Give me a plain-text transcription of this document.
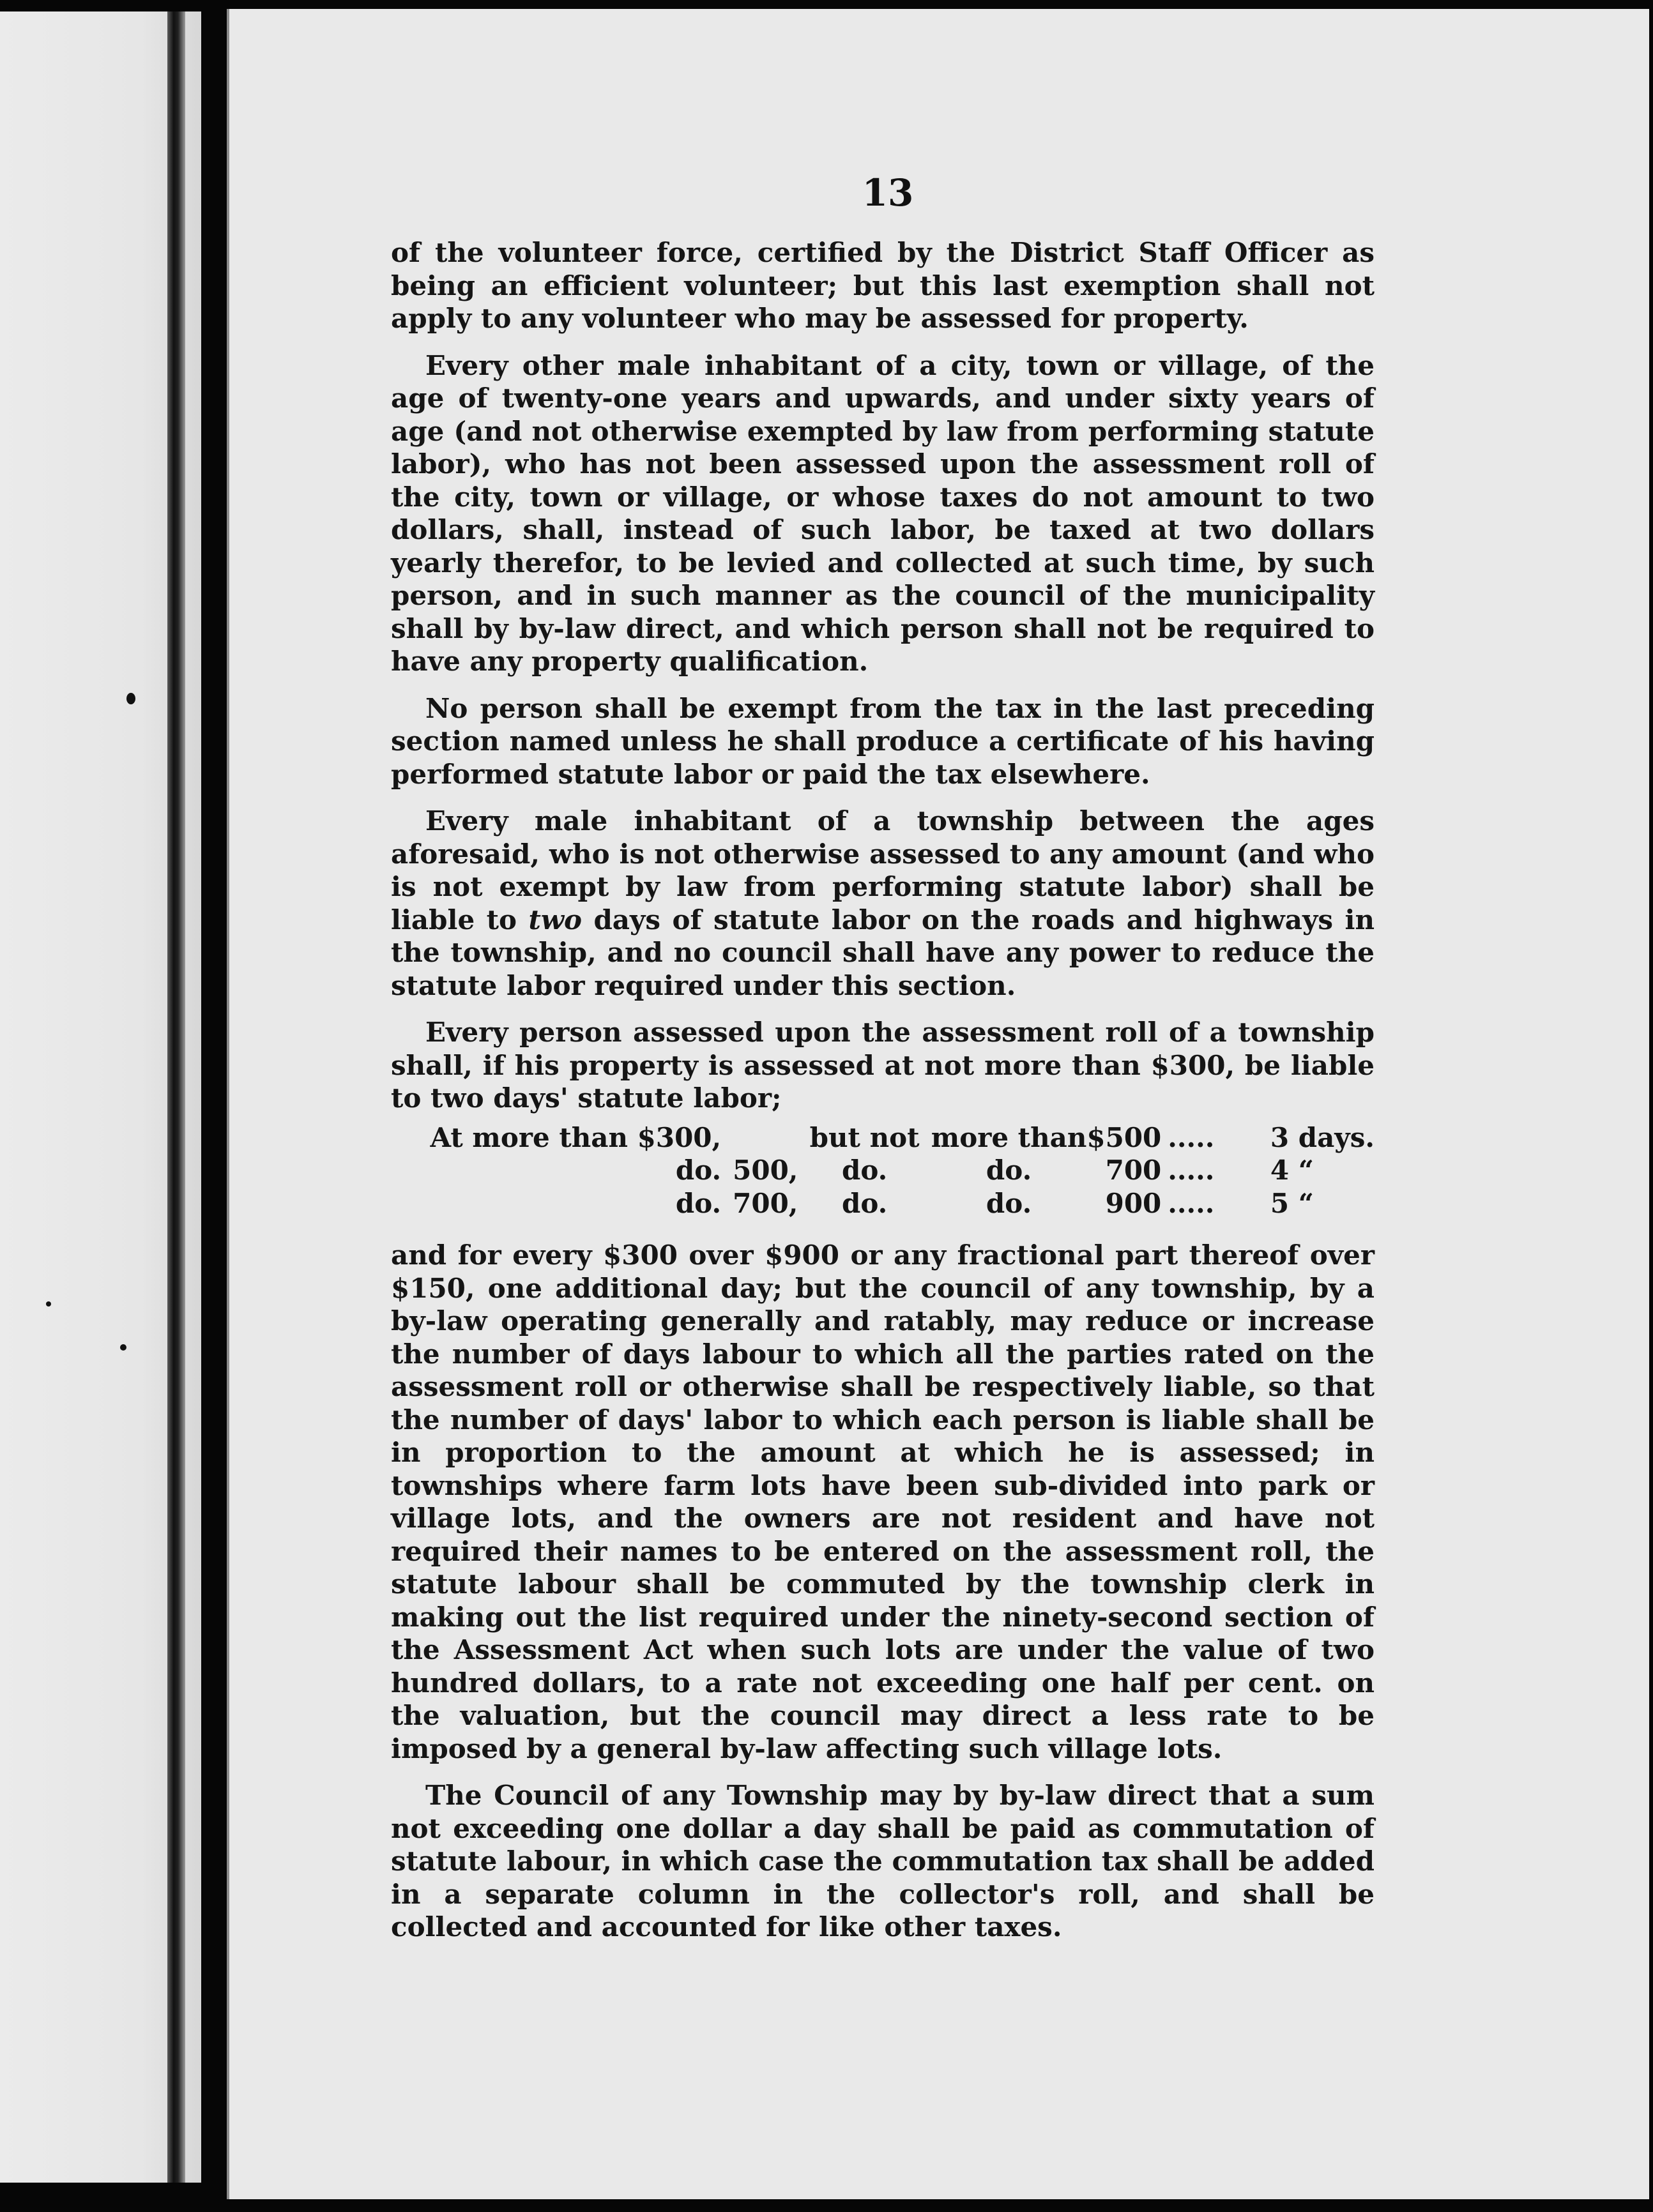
13

of the volunteer force, certified by the District Staff Officer as being an efficient volunteer; but this last exemption shall not apply to any volunteer who may be assessed for property.

Every other male inhabitant of a city, town or village, of the age of twenty-one years and upwards, and under sixty years of age (and not otherwise exempted by law from performing statute labor), who has not been assessed upon the assessment roll of the city, town or village, or whose taxes do not amount to two dollars, shall, instead of such labor, be taxed at two dollars yearly therefor, to be levied and collected at such time, by such person, and in such manner as the council of the municipality shall by by-law direct, and which person shall not be required to have any property qualification.

No person shall be exempt from the tax in the last preceding section named unless he shall produce a certificate of his having performed statute labor or paid the tax elsewhere.

Every male inhabitant of a township between the ages aforesaid, who is not otherwise assessed to any amount (and who is not exempt by law from performing statute labor) shall be liable to two days of statute labor on the roads and highways in the township, and no council shall have any power to reduce the statute labor required under this section.

Every person assessed upon the assessment roll of a township shall, if his property is assessed at not more than $300, be liable to two days' statute labor;

At more than $300,		but not	more than	$500	.....	3 days.
do.	500,	do.	do.	700	.....	4 “
do.	700,	do.	do.	900	.....	5 “

and for every $300 over $900 or any fractional part thereof over $150, one additional day; but the council of any township, by a by-law operating generally and ratably, may reduce or increase the number of days labour to which all the parties rated on the assessment roll or otherwise shall be respectively liable, so that the number of days' labor to which each person is liable shall be in proportion to the amount at which he is assessed; in townships where farm lots have been sub-divided into park or village lots, and the owners are not resident and have not required their names to be entered on the assessment roll, the statute labour shall be commuted by the township clerk in making out the list required under the ninety-second section of the Assessment Act when such lots are under the value of two hundred dollars, to a rate not exceeding one half per cent. on the valuation, but the council may direct a less rate to be imposed by a general by-law affecting such village lots.

The Council of any Township may by by-law direct that a sum not exceeding one dollar a day shall be paid as commutation of statute labour, in which case the commutation tax shall be added in a separate column in the collector's roll, and shall be collected and accounted for like other taxes.
